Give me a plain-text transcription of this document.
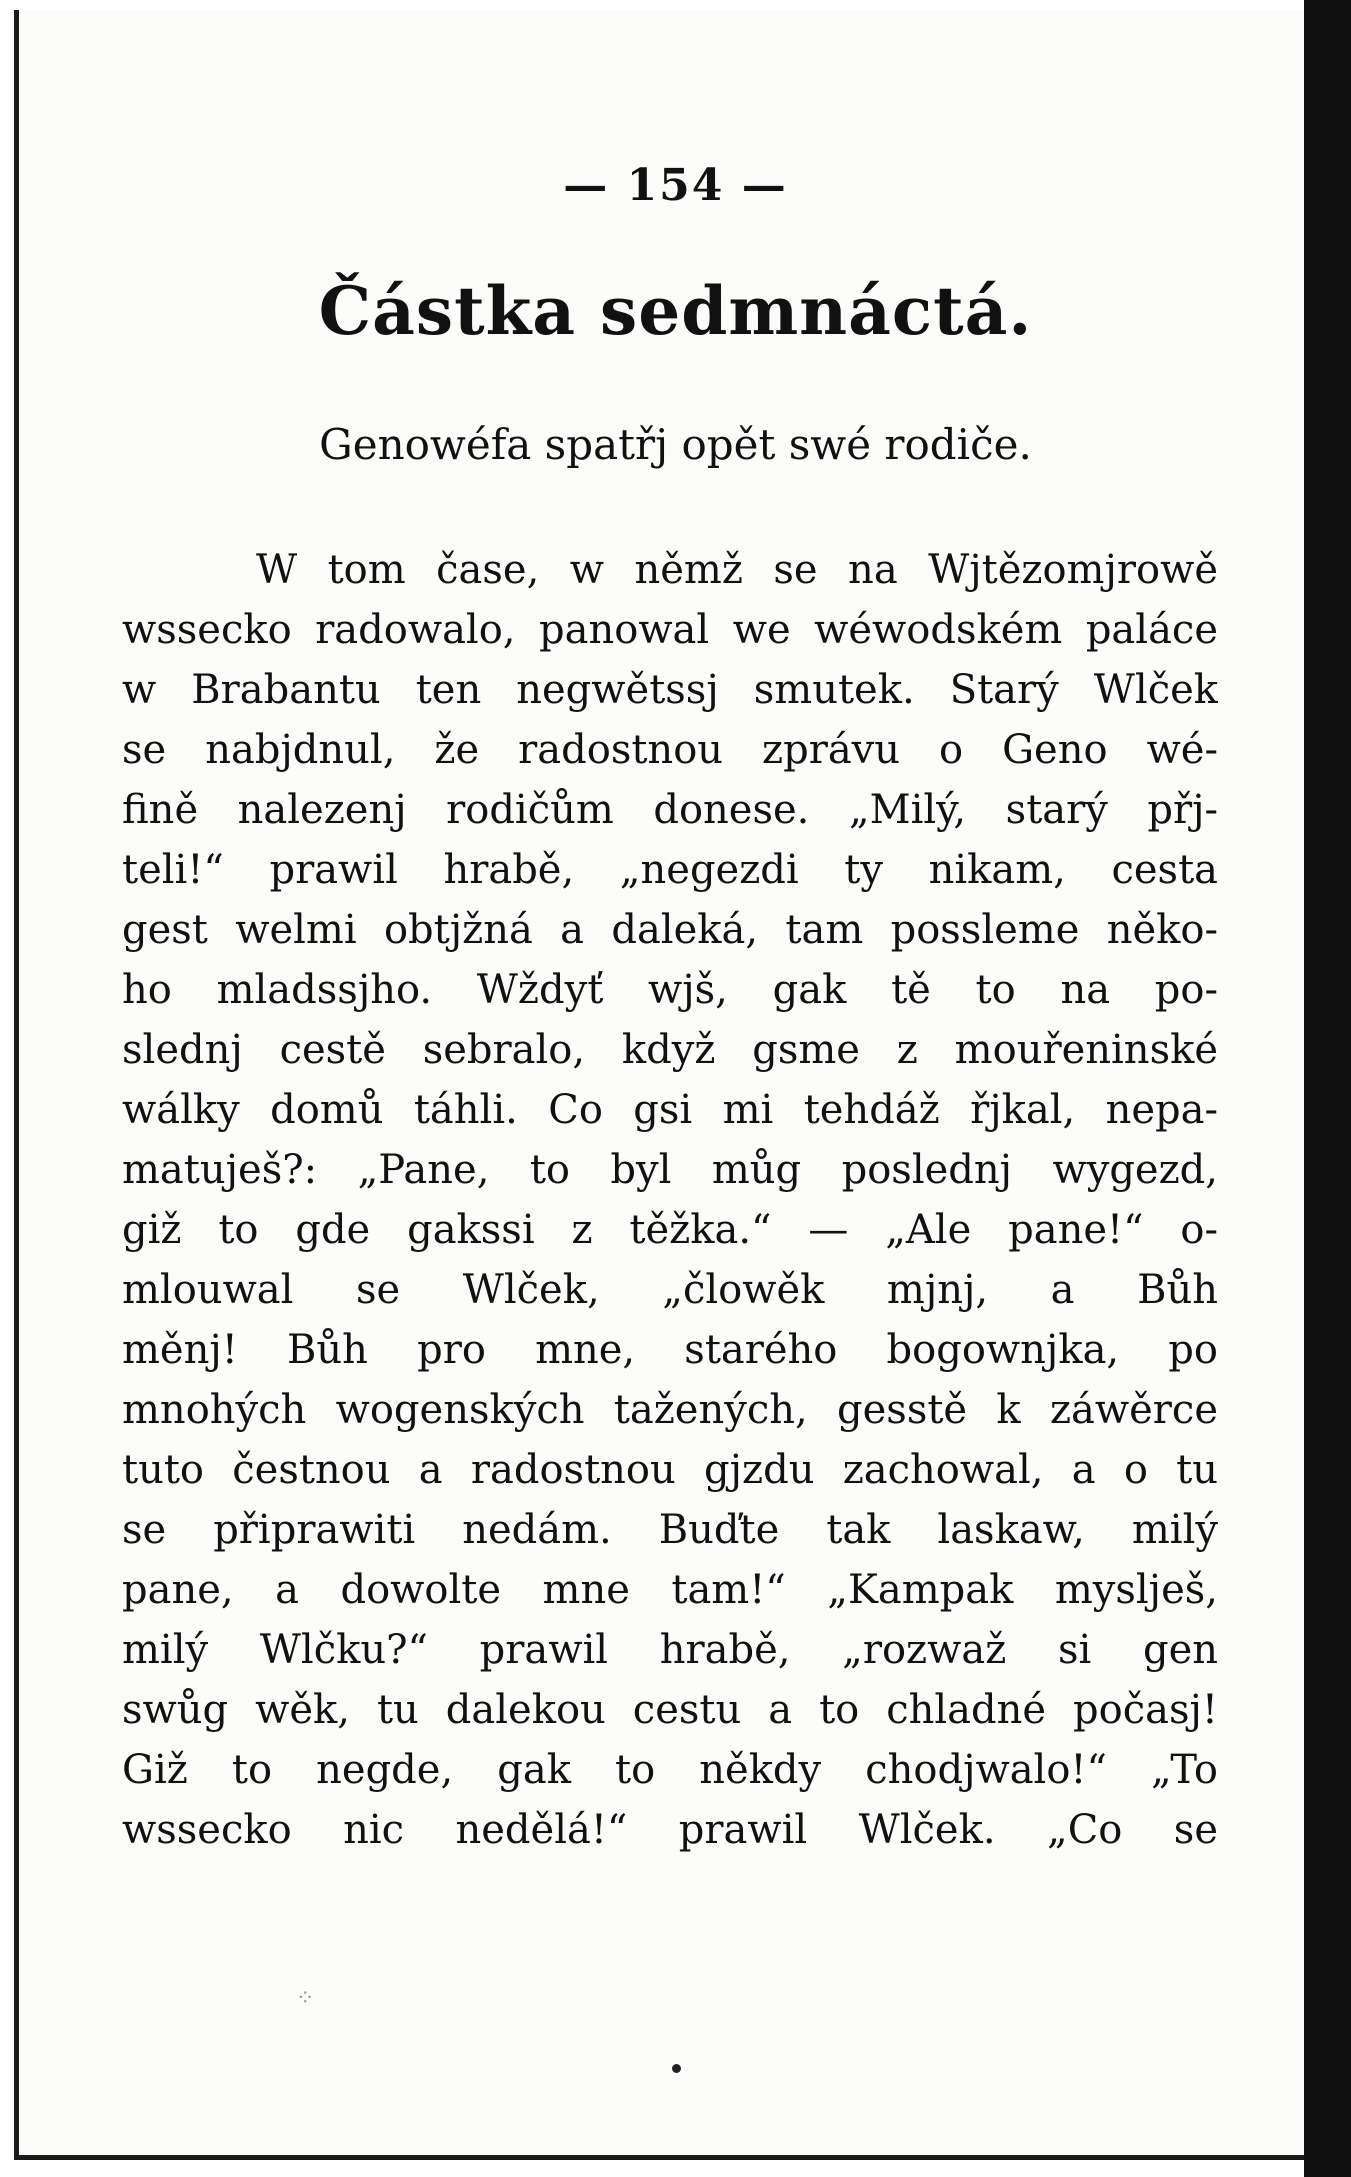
— 154 —
Částka sedmnáctá.
Genowéfa spatřj opět swé rodiče.
W tom čase, w němž se na Wjtězomjrowě
wssecko radowalo, panowal we wéwodském paláce
w Brabantu ten negwětssj smutek. Starý Wlček
se nabjdnul, že radostnou zprávu o Geno wé-
fině nalezenj rodičům donese. „Milý, starý přj-
teli!“ prawil hrabě, „negezdi ty nikam, cesta
gest welmi obtjžná a daleká, tam possleme něko-
ho mladssjho. Wždyť wjš, gak tě to na po-
slednj cestě sebralo, když gsme z mouřeninské
wálky domů táhli. Co gsi mi tehdáž řjkal, nepa-
matuješ?: „Pane, to byl můg poslednj wygezd,
giž to gde gakssi z těžka.“ — „Ale pane!“ o-
mlouwal se Wlček, „člowěk mjnj, a Bůh
měnj! Bůh pro mne, starého bogownjka, po
mnohých wogenských tažených, gesstě k záwěrce
tuto čestnou a radostnou gjzdu zachowal, a o tu
se připrawiti nedám. Buďte tak laskaw, milý
pane, a dowolte mne tam!“ „Kampak myslješ,
milý Wlčku?“ prawil hrabě, „rozwaž si gen
swůg wěk, tu dalekou cestu a to chladné počasj!
Giž to negde, gak to někdy chodjwalo!“ „To
wssecko nic nedělá!“ prawil Wlček. „Co se
⁘
